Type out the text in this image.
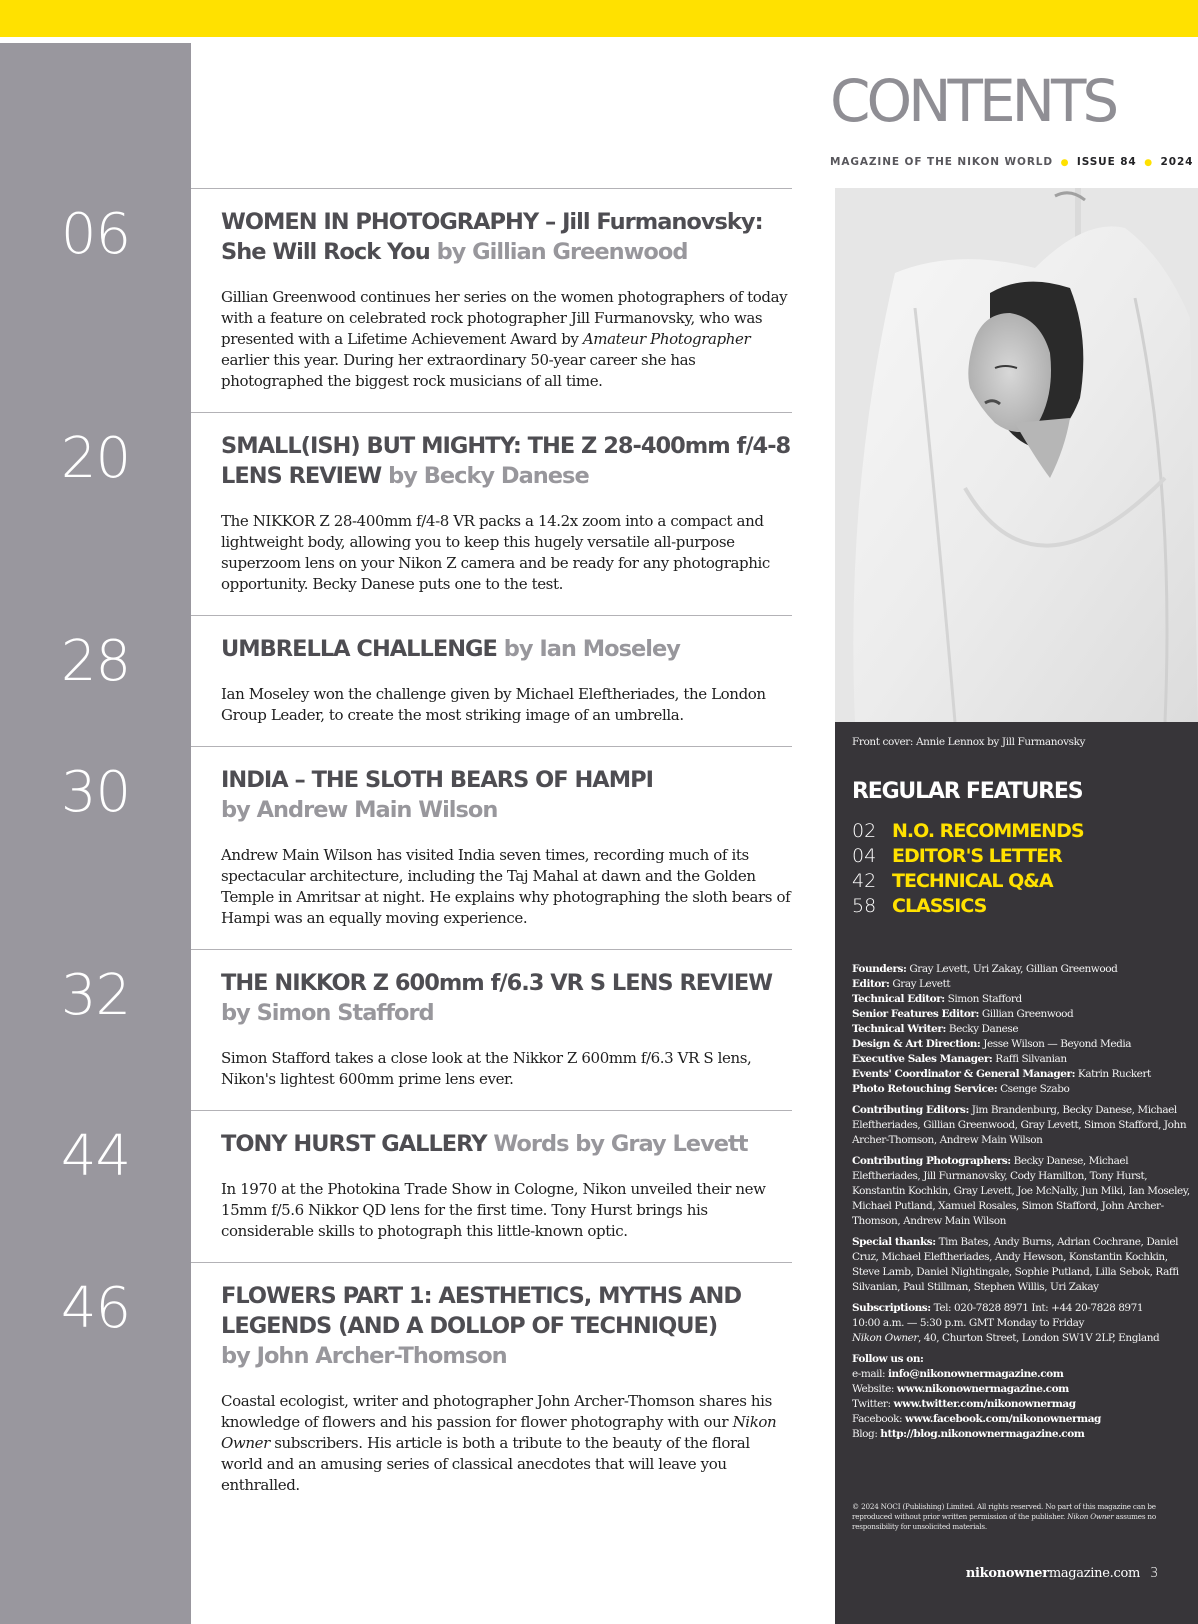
CONTENTS
MAGAZINE OF THE NIKON WORLD ● ISSUE 84 ● 2024
06	WOMEN IN PHOTOGRAPHY – Jill Furmanovsky: She Will Rock You by Gillian Greenwood
Gillian Greenwood continues her series on the women photographers of today with a feature on celebrated rock photographer Jill Furmanovsky, who was presented with a Lifetime Achievement Award by Amateur Photographer earlier this year. During her extraordinary 50-year career she has photographed the biggest rock musicians of all time.
20	SMALL(ISH) BUT MIGHTY: THE Z 28-400mm f/4-8 LENS REVIEW by Becky Danese
The NIKKOR Z 28-400mm f/4-8 VR packs a 14.2x zoom into a compact and lightweight body, allowing you to keep this hugely versatile all-purpose superzoom lens on your Nikon Z camera and be ready for any photographic opportunity. Becky Danese puts one to the test.
28	UMBRELLA CHALLENGE by Ian Moseley
Ian Moseley won the challenge given by Michael Eleftheriades, the London Group Leader, to create the most striking image of an umbrella.
30	INDIA – THE SLOTH BEARS OF HAMPI
by Andrew Main Wilson
Andrew Main Wilson has visited India seven times, recording much of its spectacular architecture, including the Taj Mahal at dawn and the Golden Temple in Amritsar at night. He explains why photographing the sloth bears of Hampi was an equally moving experience.
32	THE NIKKOR Z 600mm f/6.3 VR S LENS REVIEW
by Simon Stafford
Simon Stafford takes a close look at the Nikkor Z 600mm f/6.3 VR S lens, Nikon's lightest 600mm prime lens ever.
44	TONY HURST GALLERY Words by Gray Levett
In 1970 at the Photokina Trade Show in Cologne, Nikon unveiled their new 15mm f/5.6 Nikkor QD lens for the first time. Tony Hurst brings his considerable skills to photograph this little-known optic.
46	FLOWERS PART 1: AESTHETICS, MYTHS AND LEGENDS (AND A DOLLOP OF TECHNIQUE)
by John Archer-Thomson
Coastal ecologist, writer and photographer John Archer-Thomson shares his knowledge of flowers and his passion for flower photography with our Nikon Owner subscribers. His article is both a tribute to the beauty of the floral world and an amusing series of classical anecdotes that will leave you enthralled.
Front cover: Annie Lennox by Jill Furmanovsky
REGULAR FEATURES
02 N.O. RECOMMENDS
04 EDITOR'S LETTER
42 TECHNICAL Q&A
58 CLASSICS

Founders: Gray Levett, Uri Zakay, Gillian Greenwood
Editor: Gray Levett
Technical Editor: Simon Stafford
Senior Features Editor: Gillian Greenwood
Technical Writer: Becky Danese
Design & Art Direction: Jesse Wilson — Beyond Media
Executive Sales Manager: Raffi Silvanian
Events' Coordinator & General Manager: Katrin Ruckert
Photo Retouching Service: Csenge Szabo

Contributing Editors: Jim Brandenburg, Becky Danese, Michael Eleftheriades, Gillian Greenwood, Gray Levett, Simon Stafford, John Archer-Thomson, Andrew Main Wilson

Contributing Photographers: Becky Danese, Michael Eleftheriades, Jill Furmanovsky, Cody Hamilton, Tony Hurst, Konstantin Kochkin, Gray Levett, Joe McNally, Jun Miki, Ian Moseley, Michael Putland, Xamuel Rosales, Simon Stafford, John Archer-Thomson, Andrew Main Wilson

Special thanks: Tim Bates, Andy Burns, Adrian Cochrane, Daniel Cruz, Michael Eleftheriades, Andy Hewson, Konstantin Kochkin, Steve Lamb, Daniel Nightingale, Sophie Putland, Lilla Sebok, Raffi Silvanian, Paul Stillman, Stephen Willis, Uri Zakay

Subscriptions: Tel: 020-7828 8971 Int: +44 20-7828 8971
10:00 a.m. — 5:30 p.m. GMT Monday to Friday
Nikon Owner, 40, Churton Street, London SW1V 2LP, England

Follow us on:

e-mail: info@nikonownermagazine.com
Website: www.nikonownermagazine.com
Twitter: www.twitter.com/nikonownermag
Facebook: www.facebook.com/nikonownermag
Blog: http://blog.nikonownermagazine.com

© 2024 NOCI (Publishing) Limited. All rights reserved. No part of this magazine can be reproduced without prior written permission of the publisher. Nikon Owner assumes no responsibility for unsolicited materials.
nikonownermagazine.com 3
